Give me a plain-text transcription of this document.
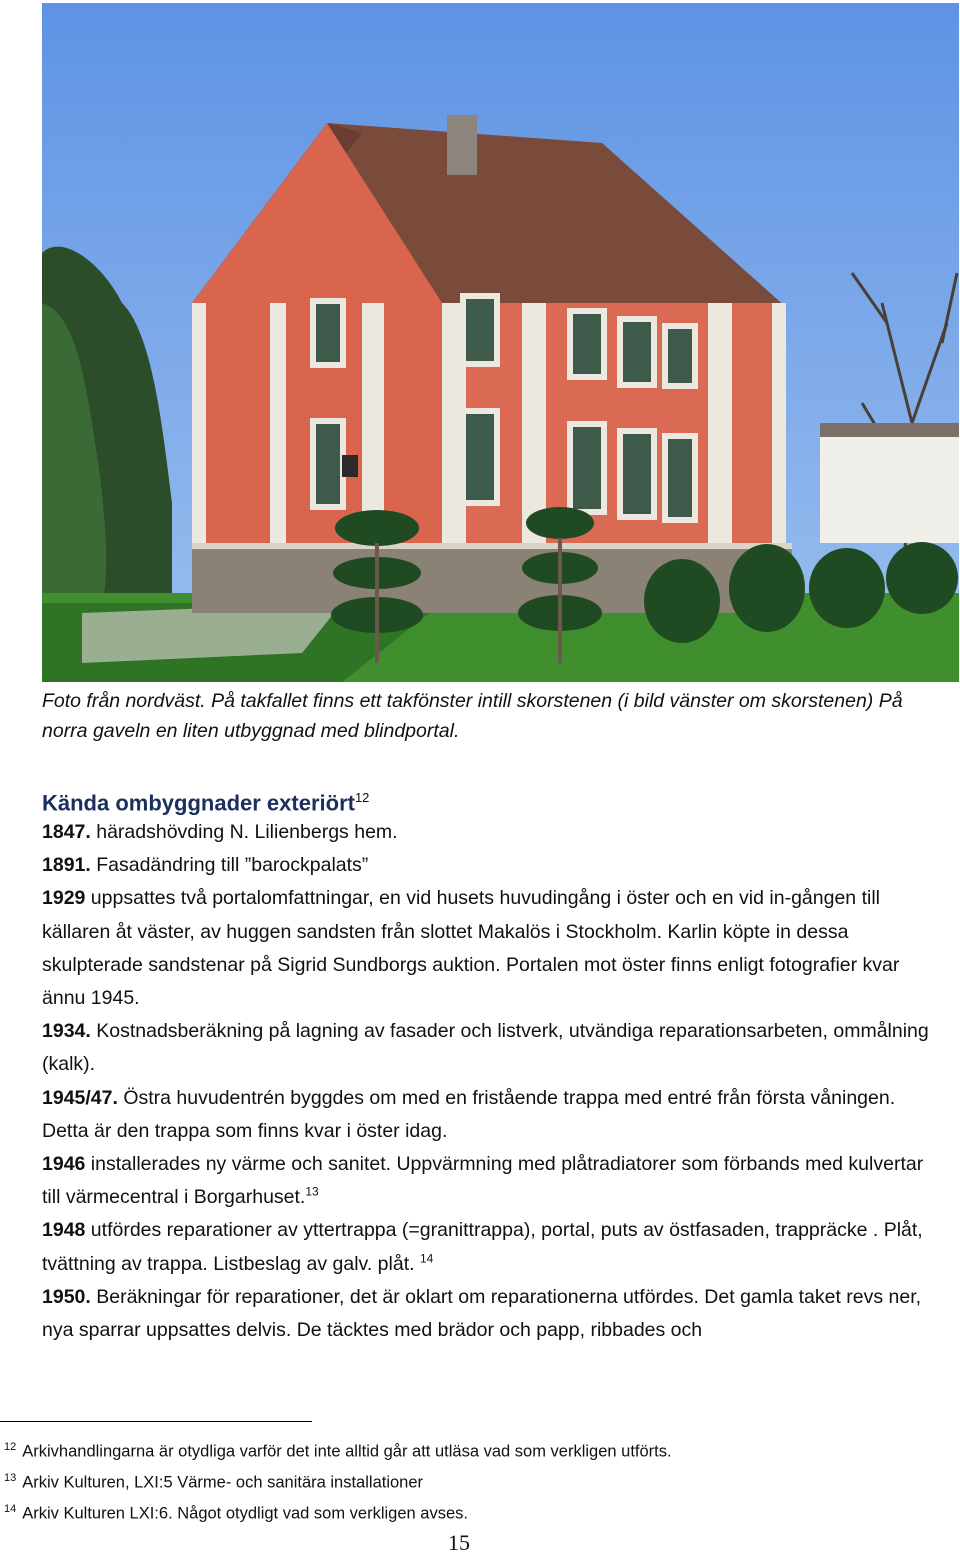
Foto från nordväst. På takfallet finns ett takfönster intill skorstenen (i bild vänster om skorstenen) På norra gaveln en liten utbyggnad med blindportal.
Kända ombyggnader exteriört$^{12}$

1847. häradshövding N. Lilienbergs hem.

1891. Fasadändring till ”barockpalats”

1929 uppsattes två portalomfattningar, en vid husets huvudingång i öster och en vid in-gången till källaren åt väster, av huggen sandsten från slottet Makalös i Stockholm. Karlin köpte in dessa skulpterade sandstenar på Sigrid Sundborgs auktion. Portalen mot öster finns enligt fotografier kvar ännu 1945.

1934. Kostnadsberäkning på lagning av fasader och listverk, utvändiga reparationsarbeten, ommålning (kalk).

1945/47. Östra huvudentrén byggdes om med en fristående trappa med entré från första våningen. Detta är den trappa som finns kvar i öster idag.

1946 installerades ny värme och sanitet. Uppvärmning med plåtradiatorer som förbands med kulvertar till värmecentral i Borgarhuset.$^{13}$

1948 utfördes reparationer av yttertrappa (=granittrappa), portal, puts av östfasaden, trappräcke . Plåt, tvättning av trappa. Listbeslag av galv. plåt. $^{14}$

1950. Beräkningar för reparationer, det är oklart om reparationerna utfördes. Det gamla taket revs ner, nya sparrar uppsattes delvis. De täcktes med brädor och papp, ribbades och

$^{12}$ Arkivhandlingarna är otydliga varför det inte alltid går att utläsa vad som verkligen utförts.
$^{13}$ Arkiv Kulturen, LXI:5 Värme- och sanitära installationer
$^{14}$ Arkiv Kulturen LXI:6. Något otydligt vad som verkligen avses.
15
